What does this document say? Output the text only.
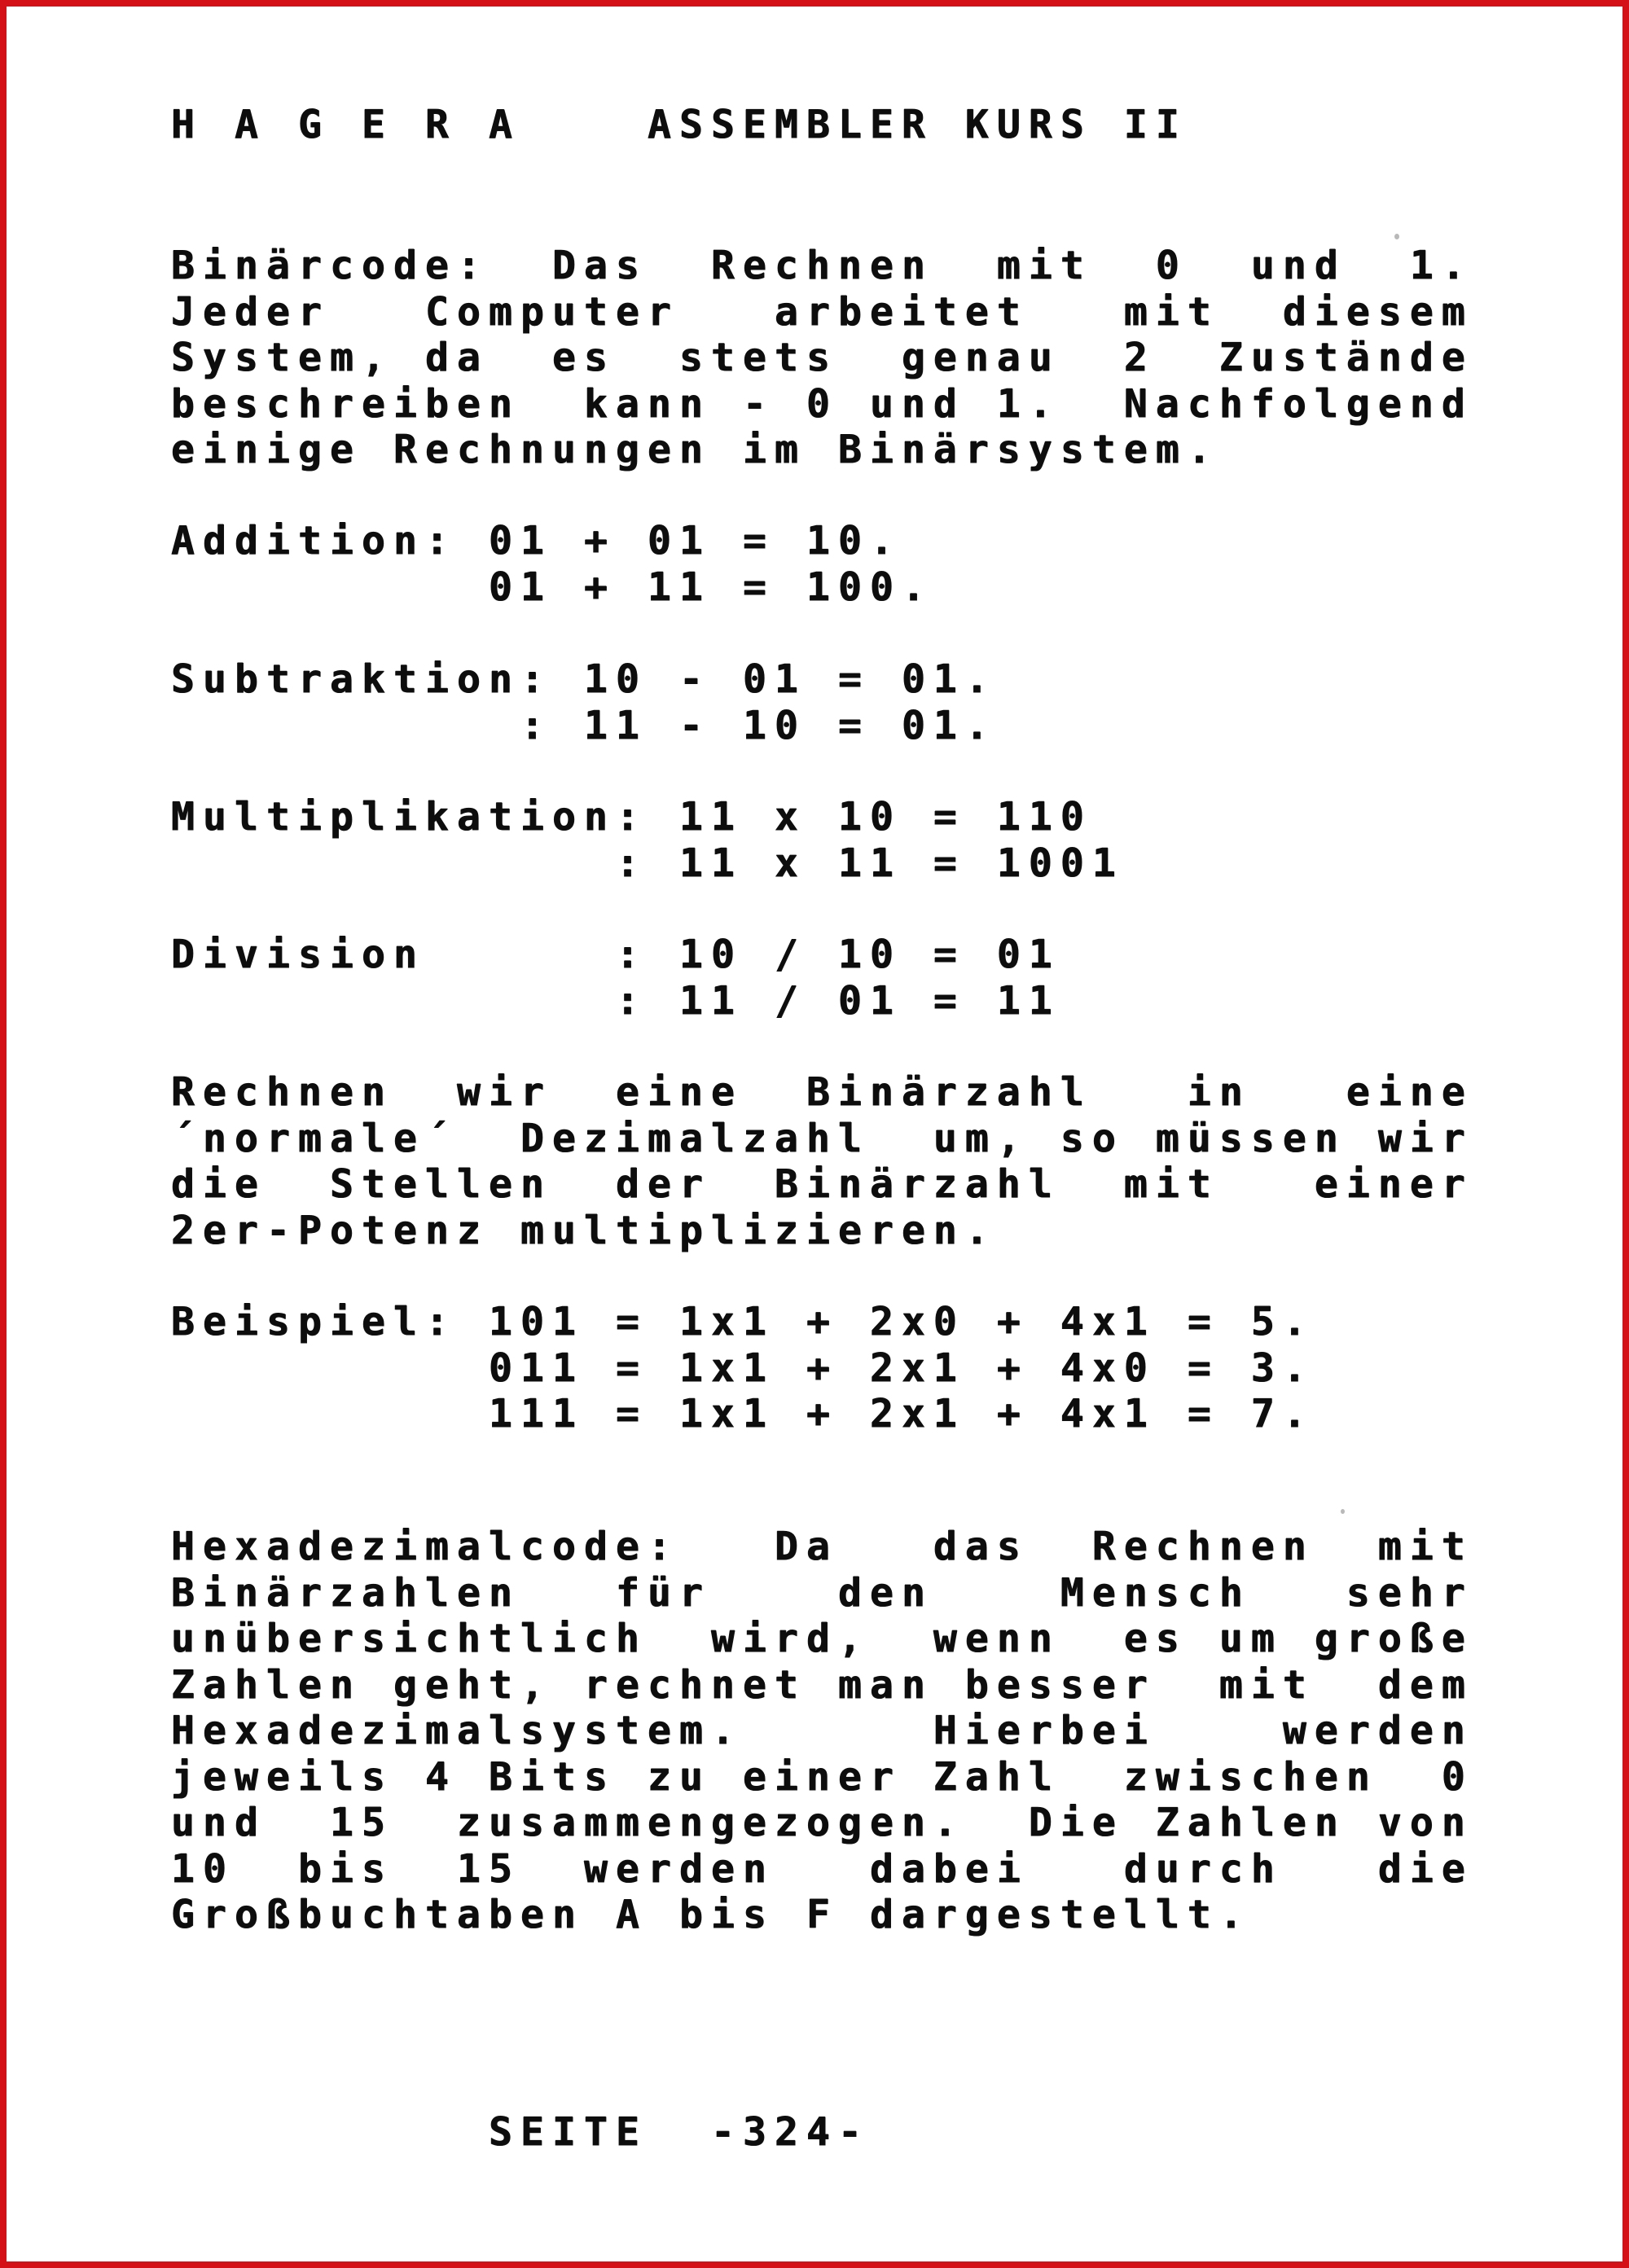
H A G E R A    ASSEMBLER KURS II
Binärcode:  Das  Rechnen  mit  0  und  1.
Jeder   Computer   arbeitet   mit  diesem
System, da  es  stets  genau  2  Zustände
beschreiben  kann - 0 und 1.  Nachfolgend
einige Rechnungen im Binärsystem.
Addition: 01 + 01 = 10.
01 + 11 = 100.
Subtraktion: 10 - 01 = 01.
: 11 - 10 = 01.
Multiplikation: 11 x 10 = 110
: 11 x 11 = 1001
Division      : 10 / 10 = 01
: 11 / 01 = 11
Rechnen  wir  eine  Binärzahl   in   eine
´normale´  Dezimalzahl  um, so müssen wir
die  Stellen  der  Binärzahl  mit   einer
2er-Potenz multiplizieren.
Beispiel: 101 = 1x1 + 2x0 + 4x1 = 5.
011 = 1x1 + 2x1 + 4x0 = 3.
111 = 1x1 + 2x1 + 4x1 = 7.
Hexadezimalcode:   Da   das  Rechnen  mit
Binärzahlen   für    den    Mensch   sehr
unübersichtlich  wird,  wenn  es um große
Zahlen geht, rechnet man besser  mit  dem
Hexadezimalsystem.      Hierbei    werden
jeweils 4 Bits zu einer Zahl  zwischen  0
und  15  zusammengezogen.  Die Zahlen von
10  bis  15  werden   dabei   durch   die
Großbuchtaben A bis F dargestellt.
SEITE  -324-
